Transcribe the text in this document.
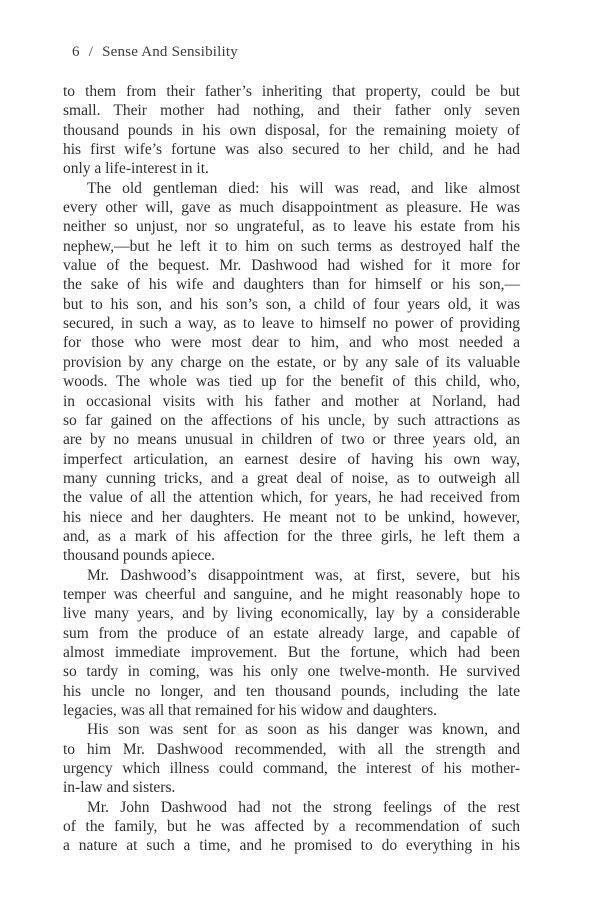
6 / Sense And Sensibility
to them from their father’s inheriting that property, could be but
small. Their mother had nothing, and their father only seven
thousand pounds in his own disposal, for the remaining moiety of
his first wife’s fortune was also secured to her child, and he had
only a life-interest in it.
The old gentleman died: his will was read, and like almost
every other will, gave as much disappointment as pleasure. He was
neither so unjust, nor so ungrateful, as to leave his estate from his
nephew,—but he left it to him on such terms as destroyed half the
value of the bequest. Mr. Dashwood had wished for it more for
the sake of his wife and daughters than for himself or his son,—
but to his son, and his son’s son, a child of four years old, it was
secured, in such a way, as to leave to himself no power of providing
for those who were most dear to him, and who most needed a
provision by any charge on the estate, or by any sale of its valuable
woods. The whole was tied up for the benefit of this child, who,
in occasional visits with his father and mother at Norland, had
so far gained on the affections of his uncle, by such attractions as
are by no means unusual in children of two or three years old, an
imperfect articulation, an earnest desire of having his own way,
many cunning tricks, and a great deal of noise, as to outweigh all
the value of all the attention which, for years, he had received from
his niece and her daughters. He meant not to be unkind, however,
and, as a mark of his affection for the three girls, he left them a
thousand pounds apiece.
Mr. Dashwood’s disappointment was, at first, severe, but his
temper was cheerful and sanguine, and he might reasonably hope to
live many years, and by living economically, lay by a considerable
sum from the produce of an estate already large, and capable of
almost immediate improvement. But the fortune, which had been
so tardy in coming, was his only one twelve-month. He survived
his uncle no longer, and ten thousand pounds, including the late
legacies, was all that remained for his widow and daughters.
His son was sent for as soon as his danger was known, and
to him Mr. Dashwood recommended, with all the strength and
urgency which illness could command, the interest of his mother-
in-law and sisters.
Mr. John Dashwood had not the strong feelings of the rest
of the family, but he was affected by a recommendation of such
a nature at such a time, and he promised to do everything in his
